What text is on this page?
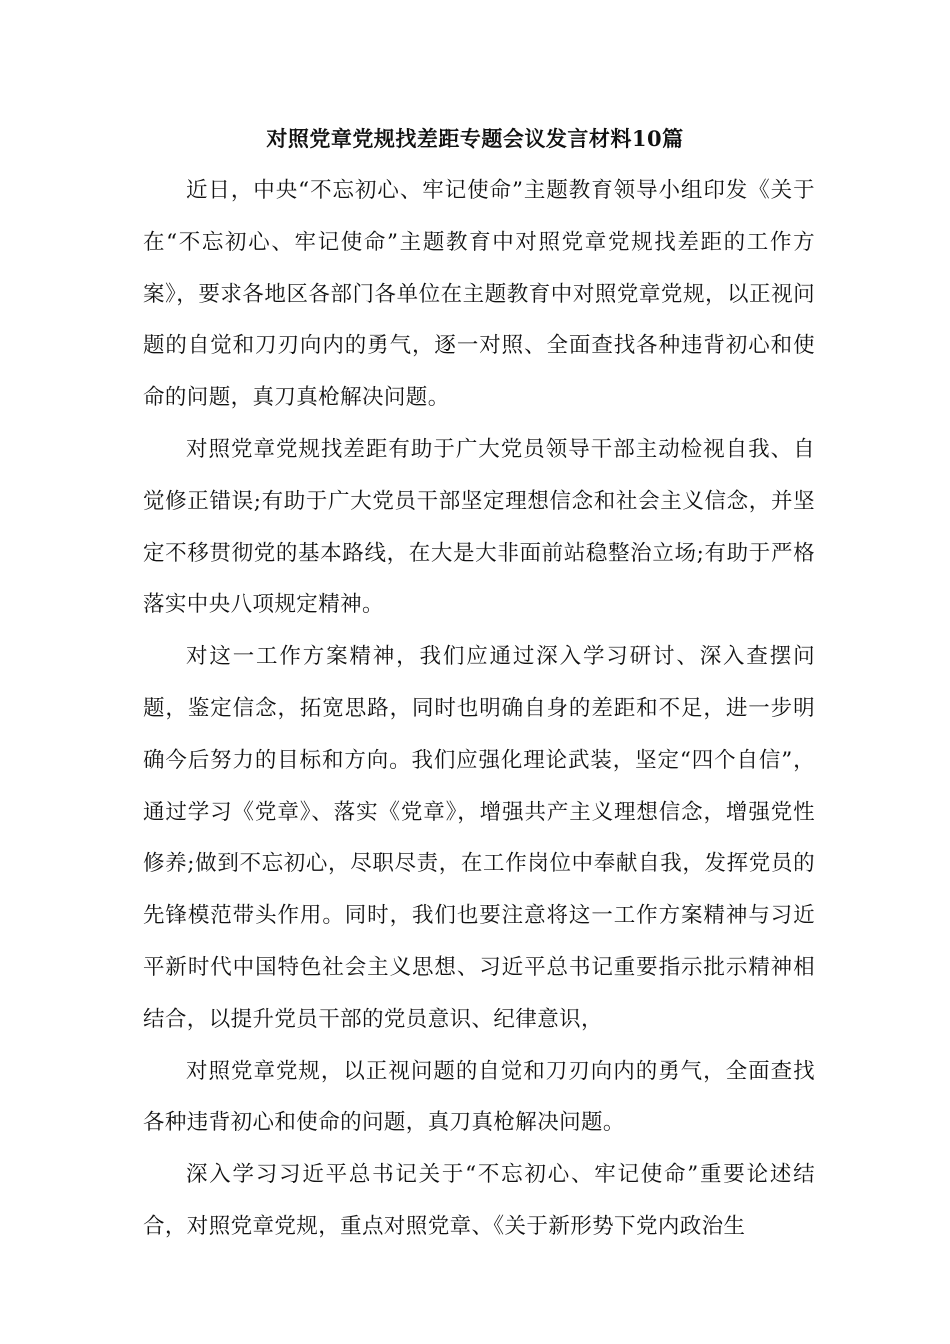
对照党章党规找差距专题会议发言材料10篇

近日，中央“不忘初心、牢记使命”主题教育领导小组印发《关于在“不忘初心、牢记使命”主题教育中对照党章党规找差距的工作方案》，要求各地区各部门各单位在主题教育中对照党章党规，以正视问题的自觉和刀刃向内的勇气，逐一对照、全面查找各种违背初心和使命的问题，真刀真枪解决问题。

对照党章党规找差距有助于广大党员领导干部主动检视自我、自觉修正错误;有助于广大党员干部坚定理想信念和社会主义信念，并坚定不移贯彻党的基本路线，在大是大非面前站稳整治立场;有助于严格落实中央八项规定精神。

对这一工作方案精神，我们应通过深入学习研讨、深入查摆问题，鉴定信念，拓宽思路，同时也明确自身的差距和不足，进一步明确今后努力的目标和方向。我们应强化理论武装，坚定“四个自信”，通过学习《党章》、落实《党章》，增强共产主义理想信念，增强党性修养;做到不忘初心，尽职尽责，在工作岗位中奉献自我，发挥党员的先锋模范带头作用。同时，我们也要注意将这一工作方案精神与习近平新时代中国特色社会主义思想、习近平总书记重要指示批示精神相结合，以提升党员干部的党员意识、纪律意识，

对照党章党规，以正视问题的自觉和刀刃向内的勇气，全面查找各种违背初心和使命的问题，真刀真枪解决问题。

深入学习习近平总书记关于“不忘初心、牢记使命”重要论述结合，对照党章党规，重点对照党章、《关于新形势下党内政治生
